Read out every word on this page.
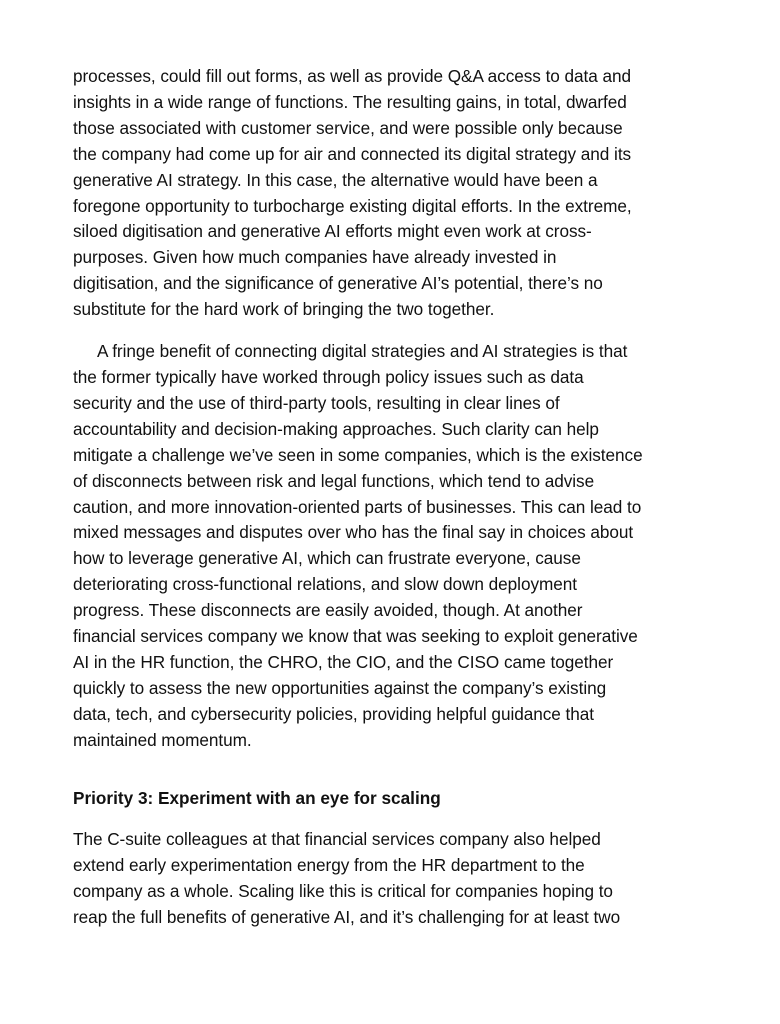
processes, could fill out forms, as well as provide Q&A access to data and
insights in a wide range of functions. The resulting gains, in total, dwarfed
those associated with customer service, and were possible only because
the company had come up for air and connected its digital strategy and its
generative AI strategy. In this case, the alternative would have been a
foregone opportunity to turbocharge existing digital efforts. In the extreme,
siloed digitisation and generative AI efforts might even work at cross-
purposes. Given how much companies have already invested in
digitisation, and the significance of generative AI’s potential, there’s no
substitute for the hard work of bringing the two together.

A fringe benefit of connecting digital strategies and AI strategies is that
the former typically have worked through policy issues such as data
security and the use of third-party tools, resulting in clear lines of
accountability and decision-making approaches. Such clarity can help
mitigate a challenge we’ve seen in some companies, which is the existence
of disconnects between risk and legal functions, which tend to advise
caution, and more innovation-oriented parts of businesses. This can lead to
mixed messages and disputes over who has the final say in choices about
how to leverage generative AI, which can frustrate everyone, cause
deteriorating cross-functional relations, and slow down deployment
progress. These disconnects are easily avoided, though. At another
financial services company we know that was seeking to exploit generative
AI in the HR function, the CHRO, the CIO, and the CISO came together
quickly to assess the new opportunities against the company’s existing
data, tech, and cybersecurity policies, providing helpful guidance that
maintained momentum.

Priority 3: Experiment with an eye for scaling

The C-suite colleagues at that financial services company also helped
extend early experimentation energy from the HR department to the
company as a whole. Scaling like this is critical for companies hoping to
reap the full benefits of generative AI, and it’s challenging for at least two
